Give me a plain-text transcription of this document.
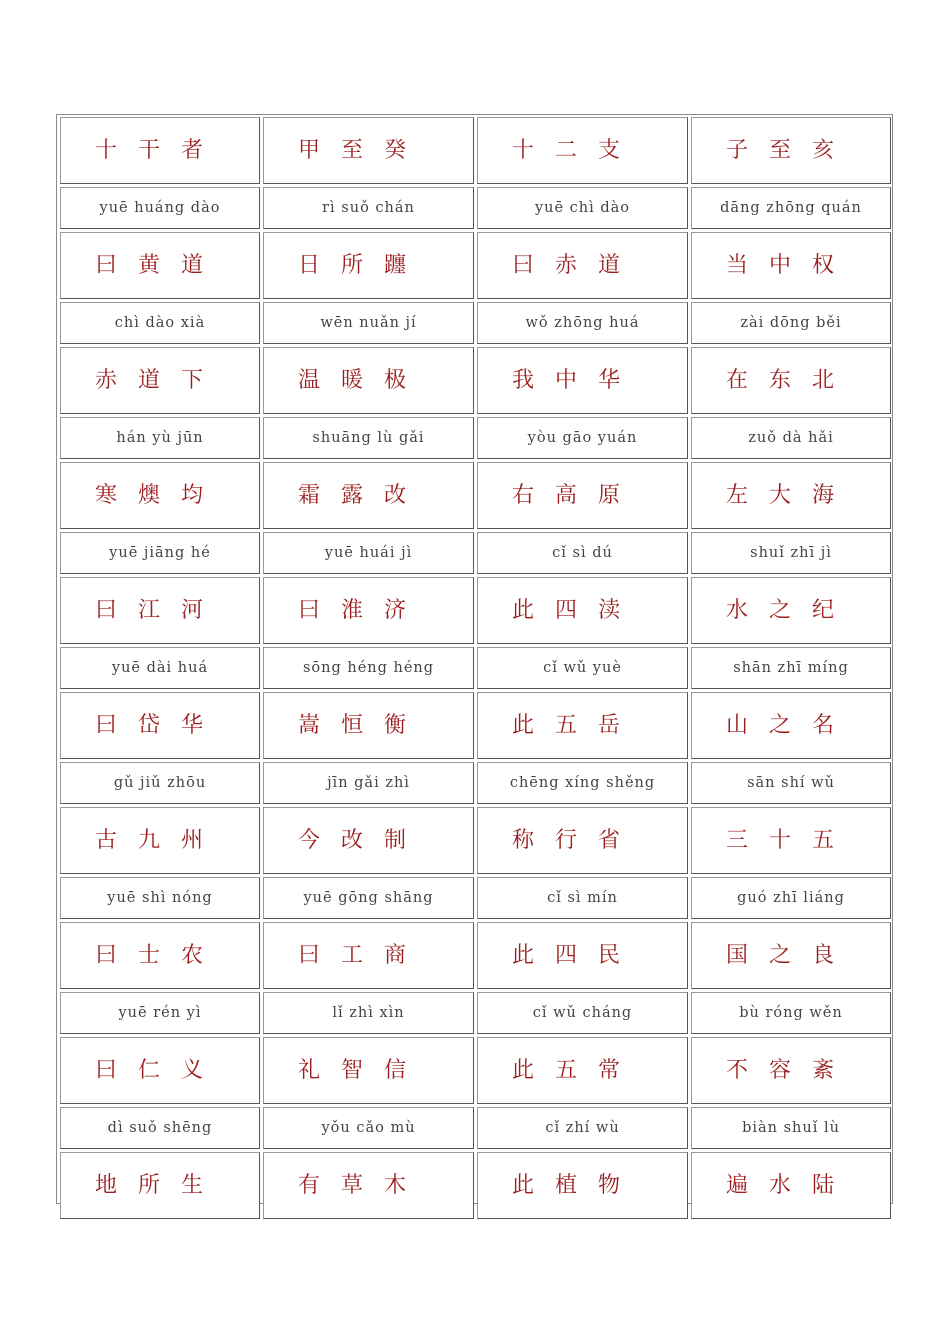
十 干 者	甲 至 癸	十 二 支	子 至 亥
yuē huáng dào	rì suǒ chán	yuē chì dào	dāng zhōng quán
曰 黄 道	日 所 躔	曰 赤 道	当 中 权
chì dào xià	wēn nuǎn jí	wǒ zhōng huá	zài dōng běi
赤 道 下	温 暖 极	我 中 华	在 东 北
hán yù jūn	shuāng lù gǎi	yòu gāo yuán	zuǒ dà hǎi
寒 燠 均	霜 露 改	右 高 原	左 大 海
yuē jiāng hé	yuē huái jì	cǐ sì dú	shuǐ zhī jì
曰 江 河	曰 淮 济	此 四 渎	水 之 纪
yuē dài huá	sōng héng héng	cǐ wǔ yuè	shān zhī míng
曰 岱 华	嵩 恒 衡	此 五 岳	山 之 名
gǔ jiǔ zhōu	jīn gǎi zhì	chēng xíng shěng	sān shí wǔ
古 九 州	今 改 制	称 行 省	三 十 五
yuē shì nóng	yuē gōng shāng	cǐ sì mín	guó zhī liáng
曰 士 农	曰 工 商	此 四 民	国 之 良
yuē rén yì	lǐ zhì xìn	cǐ wǔ cháng	bù róng wěn
曰 仁 义	礼 智 信	此 五 常	不 容 紊
dì suǒ shēng	yǒu cǎo mù	cǐ zhí wù	biàn shuǐ lù
地 所 生	有 草 木	此 植 物	遍 水 陆
